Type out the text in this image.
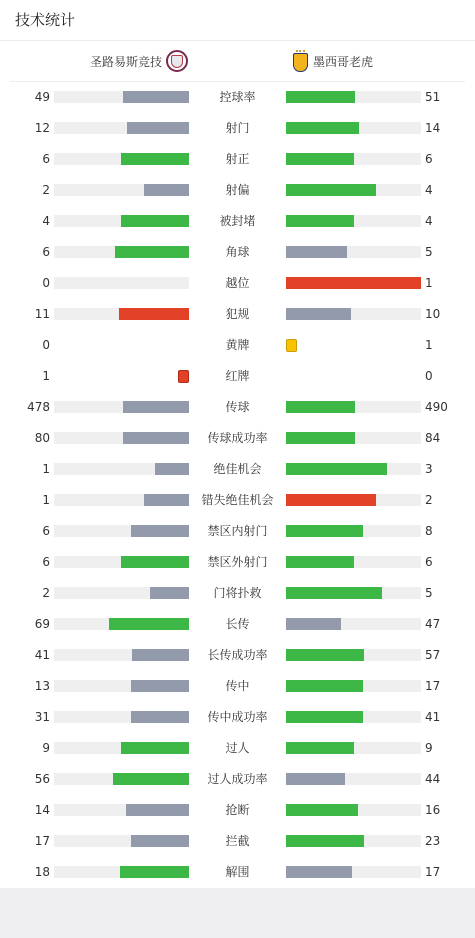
技术统计
圣路易斯竞技	墨西哥老虎
49	控球率	51
12	射门	14
6	射正	6
2	射偏	4
4	被封堵	4
6	角球	5
0	越位	1
11	犯规	10
0	黄牌	1
1	红牌	0
478	传球	490
80	传球成功率	84
1	绝佳机会	3
1	错失绝佳机会	2
6	禁区内射门	8
6	禁区外射门	6
2	门将扑救	5
69	长传	47
41	长传成功率	57
13	传中	17
31	传中成功率	41
9	过人	9
56	过人成功率	44
14	抢断	16
17	拦截	23
18	解围	17
